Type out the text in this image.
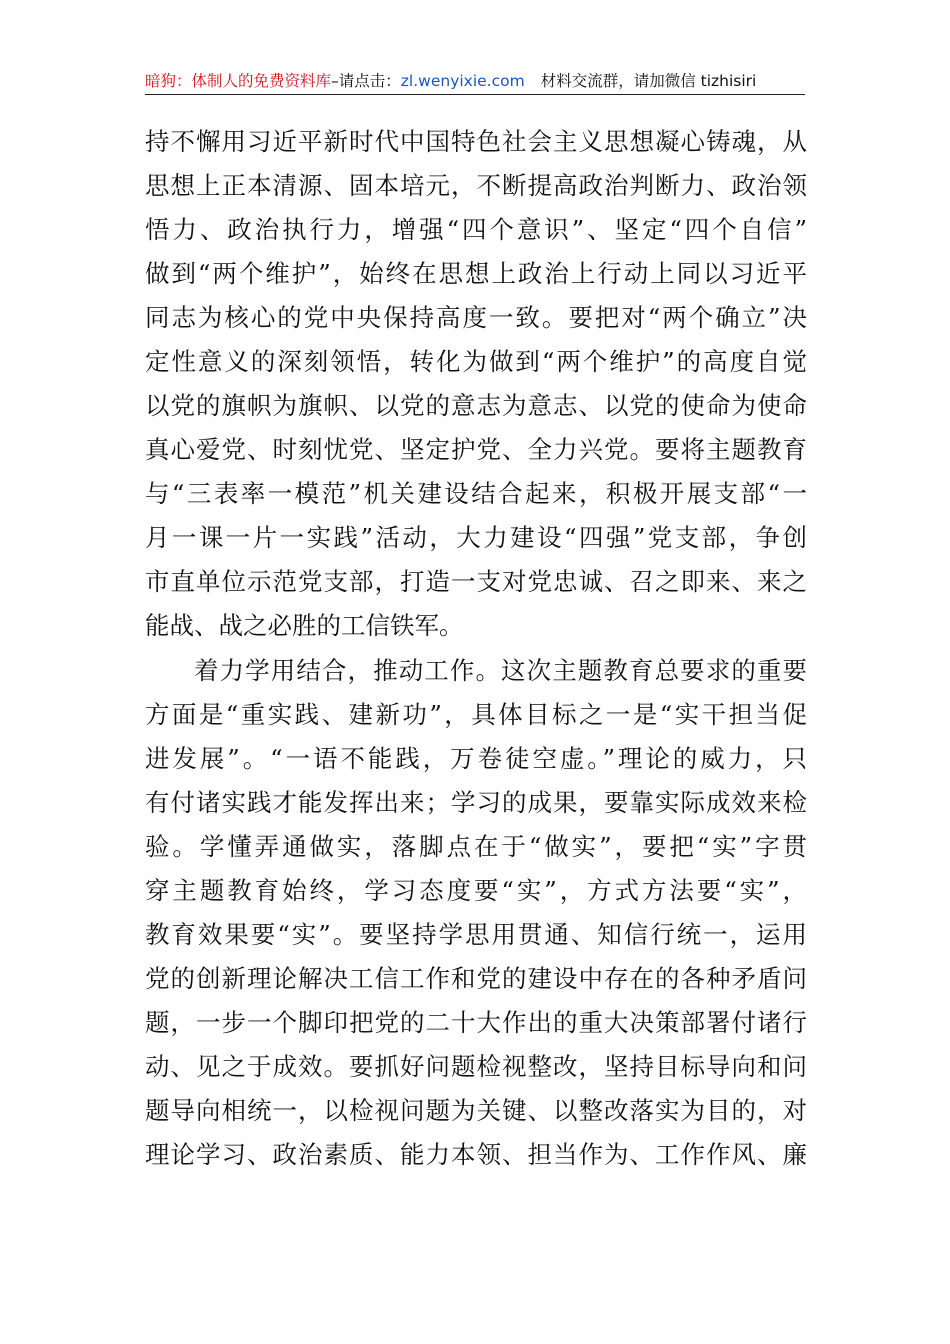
暗狗：体制人的免费资料库–请点击：zl.wenyixie.com 材料交流群，请加微信 tizhisiri
持不懈用习近平新时代中国特色社会主义思想凝心铸魂，从
思想上正本清源、固本培元，不断提高政治判断力、政治领
悟力、政治执行力，增强“四个意识”、坚定“四个自信”
做到“两个维护”，始终在思想上政治上行动上同以习近平
同志为核心的党中央保持高度一致。要把对“两个确立”决
定性意义的深刻领悟，转化为做到“两个维护”的高度自觉
以党的旗帜为旗帜、以党的意志为意志、以党的使命为使命
真心爱党、时刻忧党、坚定护党、全力兴党。要将主题教育
与“三表率一模范”机关建设结合起来，积极开展支部“一
月一课一片一实践”活动，大力建设“四强”党支部，争创
市直单位示范党支部，打造一支对党忠诚、召之即来、来之
能战、战之必胜的工信铁军。
着力学用结合，推动工作。这次主题教育总要求的重要
方面是“重实践、建新功”，具体目标之一是“实干担当促
进发展”。“一语不能践，万卷徒空虚。”理论的威力，只
有付诸实践才能发挥出来；学习的成果，要靠实际成效来检
验。学懂弄通做实，落脚点在于“做实”，要把“实”字贯
穿主题教育始终，学习态度要“实”，方式方法要“实”，
教育效果要“实”。要坚持学思用贯通、知信行统一，运用
党的创新理论解决工信工作和党的建设中存在的各种矛盾问
题，一步一个脚印把党的二十大作出的重大决策部署付诸行
动、见之于成效。要抓好问题检视整改，坚持目标导向和问
题导向相统一，以检视问题为关键、以整改落实为目的，对
理论学习、政治素质、能力本领、担当作为、工作作风、廉
